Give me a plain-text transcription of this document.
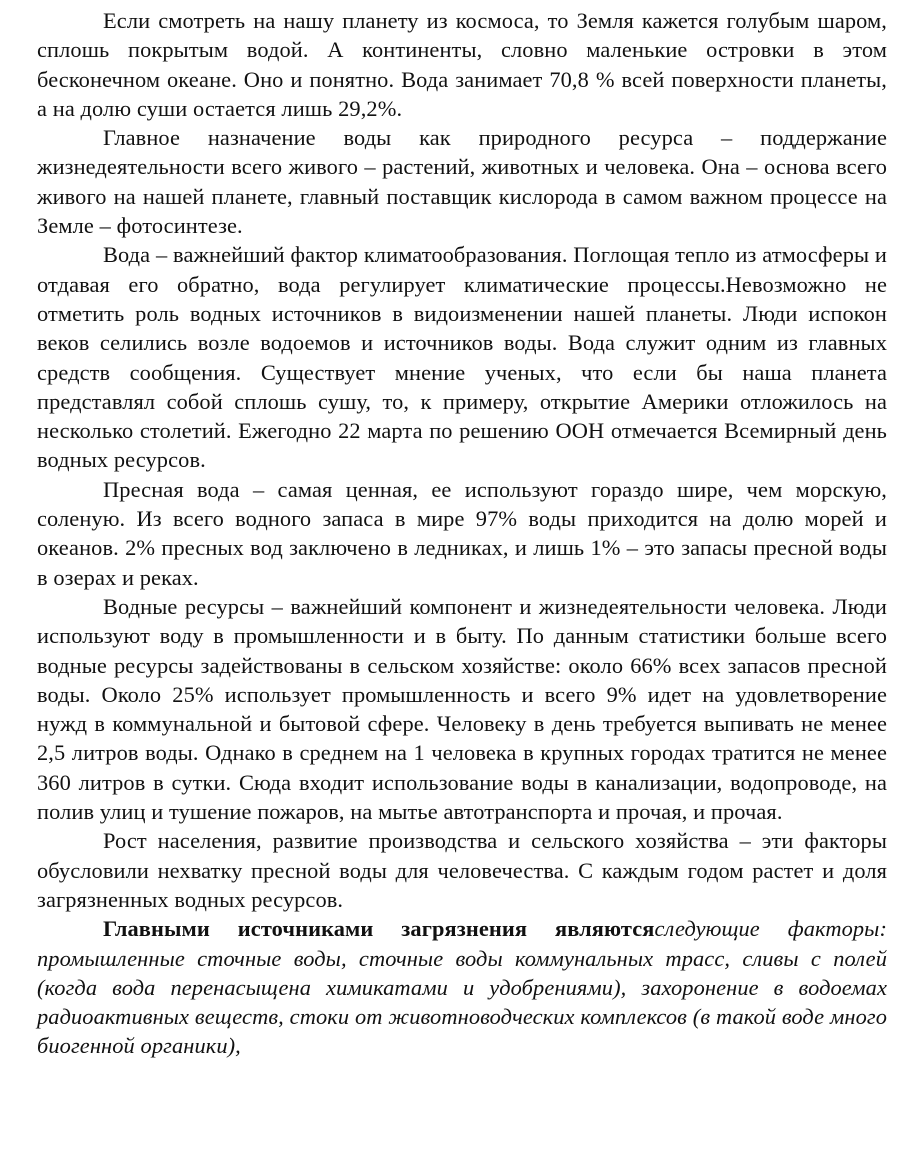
Если смотреть на нашу планету из космоса, то Земля кажется голубым шаром, сплошь покрытым водой. А континенты, словно маленькие островки в этом бесконечном океане. Оно и понятно. Вода занимает 70,8 % всей поверхности планеты, а на долю суши остается лишь 29,2%.

Главное назначение воды как природного ресурса – поддержание жизнедеятельности всего живого – растений, животных и человека. Она – основа всего живого на нашей планете, главный поставщик кислорода в самом важном процессе на Земле – фотосинтезе.

Вода – важнейший фактор климатообразования. Поглощая тепло из атмосферы и отдавая его обратно, вода регулирует климатические процессы.Невозможно не отметить роль водных источников в видоизменении нашей планеты. Люди испокон веков селились возле водоемов и источников воды. Вода служит одним из главных средств сообщения. Существует мнение ученых, что если бы наша планета представлял собой сплошь сушу, то, к примеру, открытие Америки отложилось на несколько столетий. Ежегодно 22 марта по решению ООН отмечается Всемирный день водных ресурсов.

Пресная вода – самая ценная, ее используют гораздо шире, чем морскую, соленую. Из всего водного запаса в мире 97% воды приходится на долю морей и океанов. 2% пресных вод заключено в ледниках, и лишь 1% – это запасы пресной воды в озерах и реках.

Водные ресурсы – важнейший компонент и жизнедеятельности человека. Люди используют воду в промышленности и в быту. По данным статистики больше всего водные ресурсы задействованы в сельском хозяйстве: около 66% всех запасов пресной воды. Около 25% использует промышленность и всего 9% идет на удовлетворение нужд в коммунальной и бытовой сфере. Человеку в день требуется выпивать не менее 2,5 литров воды. Однако в среднем на 1 человека в крупных городах тратится не менее 360 литров в сутки. Сюда входит использование воды в канализации, водопроводе, на полив улиц и тушение пожаров, на мытье автотранспорта и прочая, и прочая.

Рост населения, развитие производства и сельского хозяйства – эти факторы обусловили нехватку пресной воды для человечества. С каждым годом растет и доля загрязненных водных ресурсов.

Главными источниками загрязнения являютсяследующие факторы: промышленные сточные воды, сточные воды коммунальных трасс, сливы с полей (когда вода перенасыщена химикатами и удобрениями), захоронение в водоемах радиоактивных веществ, стоки от животноводческих комплексов (в такой воде много биогенной органики),
